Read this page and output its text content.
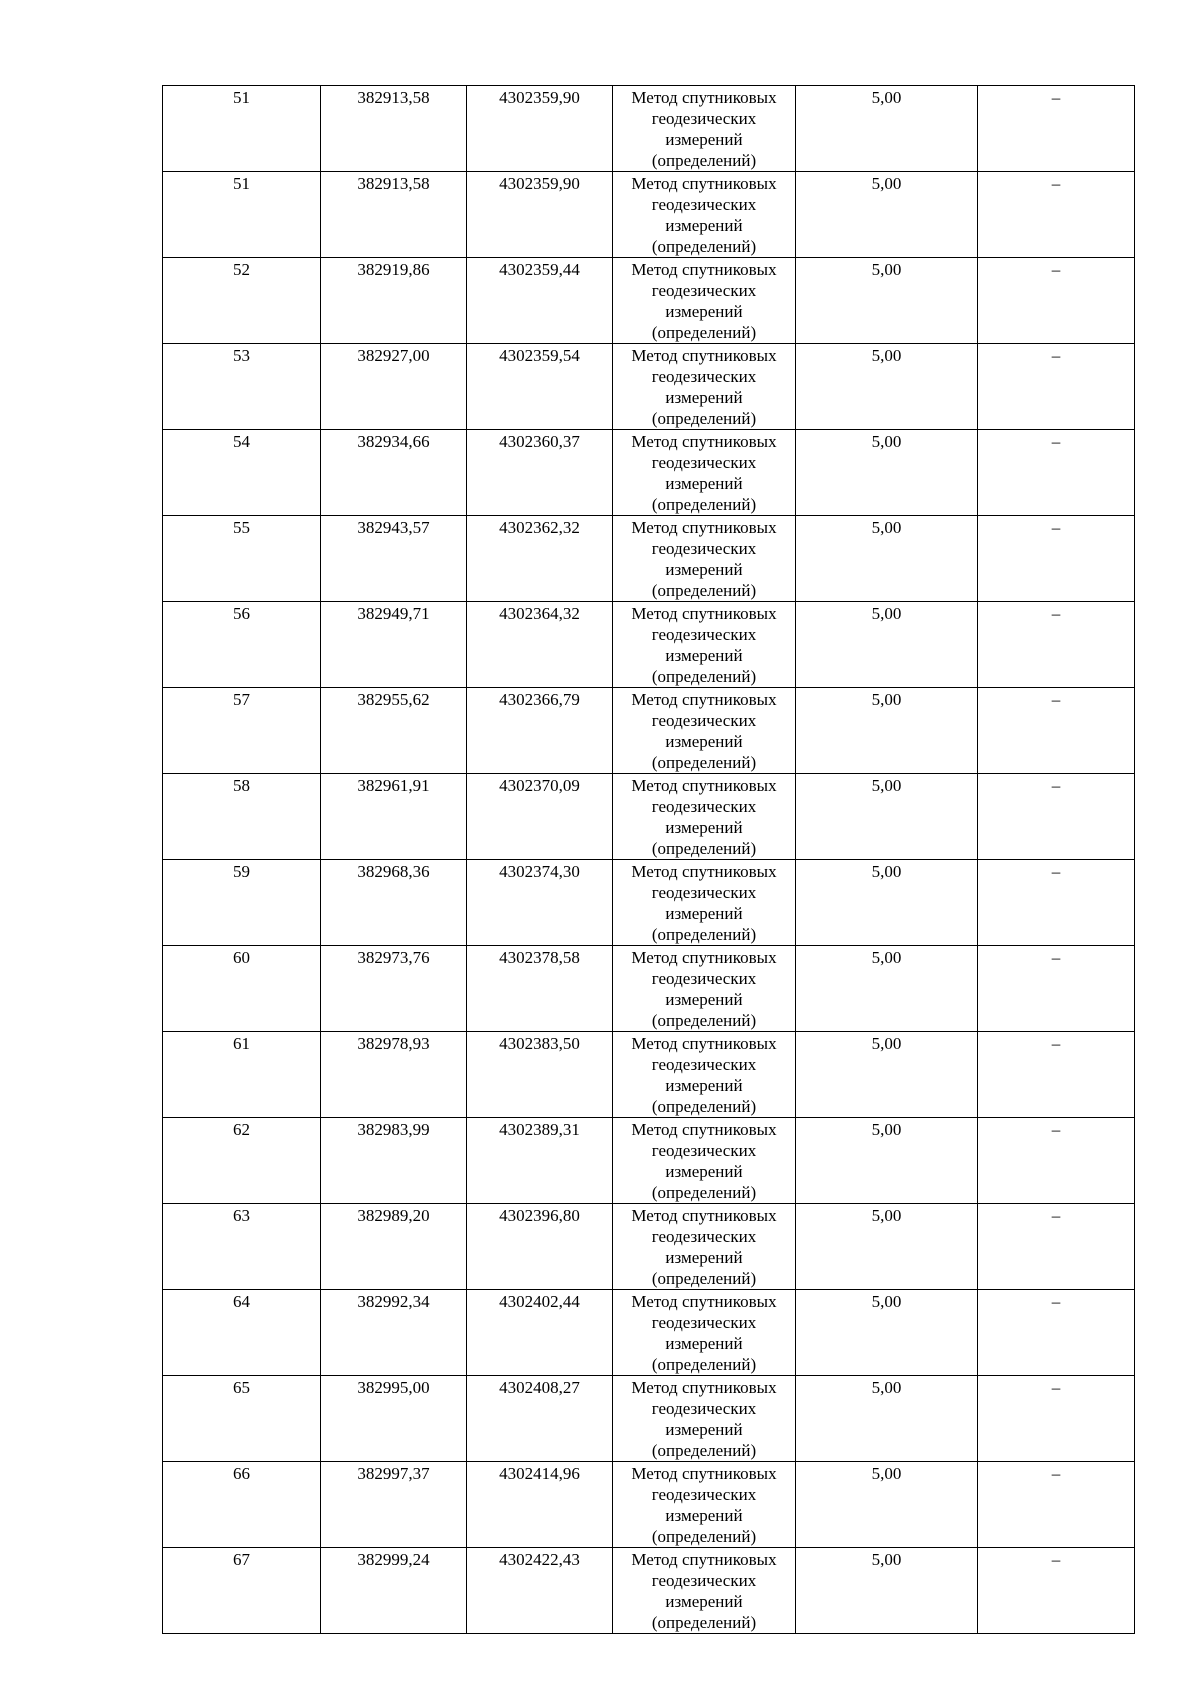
51	382913,58	4302359,90	Метод спутниковых
геодезических
измерений
(определений)	5,00	–

51	382913,58	4302359,90	Метод спутниковых
геодезических
измерений
(определений)	5,00	–

52	382919,86	4302359,44	Метод спутниковых
геодезических
измерений
(определений)	5,00	–

53	382927,00	4302359,54	Метод спутниковых
геодезических
измерений
(определений)	5,00	–

54	382934,66	4302360,37	Метод спутниковых
геодезических
измерений
(определений)	5,00	–

55	382943,57	4302362,32	Метод спутниковых
геодезических
измерений
(определений)	5,00	–

56	382949,71	4302364,32	Метод спутниковых
геодезических
измерений
(определений)	5,00	–

57	382955,62	4302366,79	Метод спутниковых
геодезических
измерений
(определений)	5,00	–

58	382961,91	4302370,09	Метод спутниковых
геодезических
измерений
(определений)	5,00	–

59	382968,36	4302374,30	Метод спутниковых
геодезических
измерений
(определений)	5,00	–

60	382973,76	4302378,58	Метод спутниковых
геодезических
измерений
(определений)	5,00	–

61	382978,93	4302383,50	Метод спутниковых
геодезических
измерений
(определений)	5,00	–

62	382983,99	4302389,31	Метод спутниковых
геодезических
измерений
(определений)	5,00	–

63	382989,20	4302396,80	Метод спутниковых
геодезических
измерений
(определений)	5,00	–

64	382992,34	4302402,44	Метод спутниковых
геодезических
измерений
(определений)	5,00	–

65	382995,00	4302408,27	Метод спутниковых
геодезических
измерений
(определений)	5,00	–

66	382997,37	4302414,96	Метод спутниковых
геодезических
измерений
(определений)	5,00	–

67	382999,24	4302422,43	Метод спутниковых
геодезических
измерений
(определений)	5,00	–
